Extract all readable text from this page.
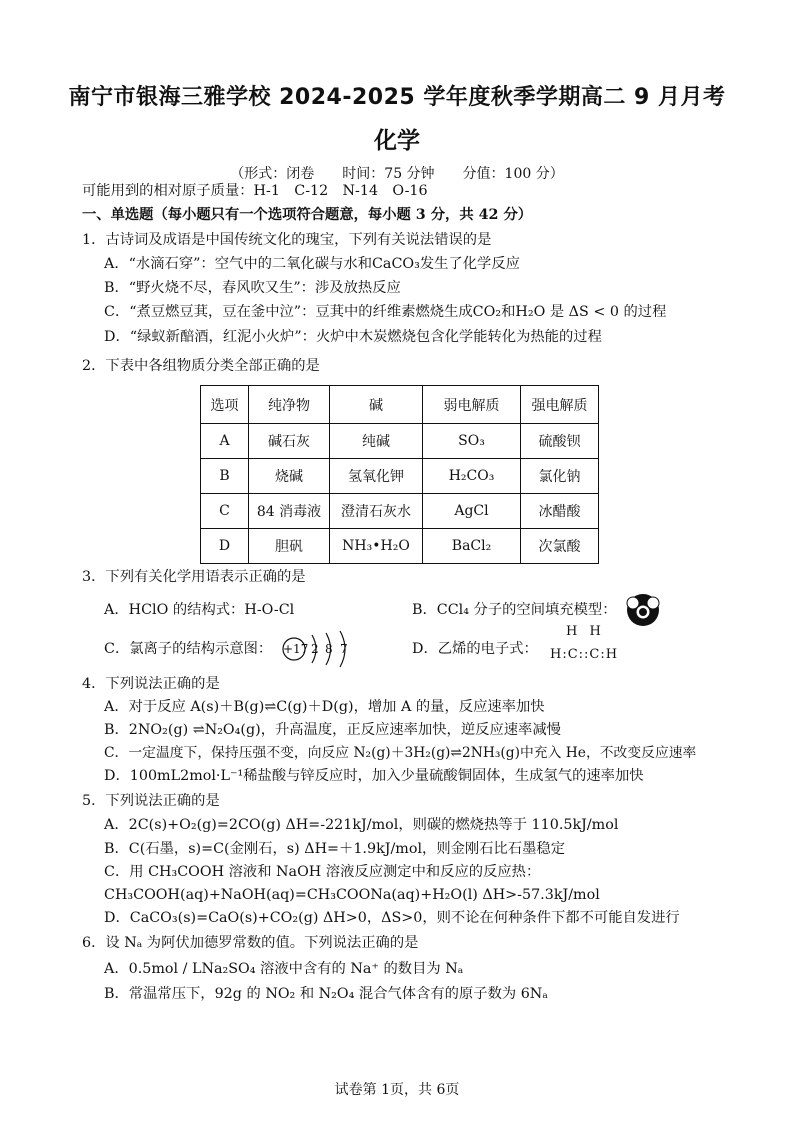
南宁市银海三雅学校 2024-2025 学年度秋季学期高二 9 月月考
化学
（形式：闭卷　　时间：75 分钟　　分值：100 分）
可能用到的相对原子质量：H-1　C-12　N-14　O-16
一、单选题（每小题只有一个选项符合题意，每小题 3 分，共 42 分）
1．古诗词及成语是中国传统文化的瑰宝，下列有关说法错误的是
A．“水滴石穿”：空气中的二氧化碳与水和CaCO₃发生了化学反应
B．“野火烧不尽，春风吹又生”：涉及放热反应
C．“煮豆燃豆萁，豆在釜中泣”：豆萁中的纤维素燃烧生成CO₂和H₂O 是 ΔS < 0 的过程
D．“绿蚁新醅酒，红泥小火炉”：火炉中木炭燃烧包含化学能转化为热能的过程
2．下表中各组物质分类全部正确的是
选项	纯净物	碱	弱电解质	强电解质
A	碱石灰	纯碱	SO₃	硫酸钡
B	烧碱	氢氧化钾	H₂CO₃	氯化钠
C	84 消毒液	澄清石灰水	AgCl	冰醋酸
D	胆矾	NH₃•H₂O	BaCl₂	次氯酸
3．下列有关化学用语表示正确的是
A．HClO 的结构式：H-O-Cl	B．CCl₄ 分子的空间填充模型：
C．氯离子的结构示意图： +17 2 8 7	D．乙烯的电子式：
H H
H:C::C:H
4．下列说法正确的是
A．对于反应 A(s)＋B(g)⇌C(g)＋D(g)，增加 A 的量，反应速率加快
B．2NO₂(g) ⇌N₂O₄(g)，升高温度，正反应速率加快，逆反应速率减慢
C．一定温度下，保持压强不变，向反应 N₂(g)＋3H₂(g)⇌2NH₃(g)中充入 He，不改变反应速率
D．100mL2mol·L⁻¹稀盐酸与锌反应时，加入少量硫酸铜固体，生成氢气的速率加快
5．下列说法正确的是
A．2C(s)+O₂(g)=2CO(g) ΔH=-221kJ/mol，则碳的燃烧热等于 110.5kJ/mol
B．C(石墨，s)=C(金刚石，s) ΔH=＋1.9kJ/mol，则金刚石比石墨稳定
C．用 CH₃COOH 溶液和 NaOH 溶液反应测定中和反应的反应热：
CH₃COOH(aq)+NaOH(aq)=CH₃COONa(aq)+H₂O(l) ΔH>-57.3kJ/mol
D．CaCO₃(s)=CaO(s)+CO₂(g) ΔH>0，ΔS>0，则不论在何种条件下都不可能自发进行
6．设 Nₐ 为阿伏加德罗常数的值。下列说法正确的是
A．0.5mol / LNa₂SO₄ 溶液中含有的 Na⁺ 的数目为 Nₐ
B．常温常压下，92g 的 NO₂ 和 N₂O₄ 混合气体含有的原子数为 6Nₐ
试卷第 1页，共 6页
